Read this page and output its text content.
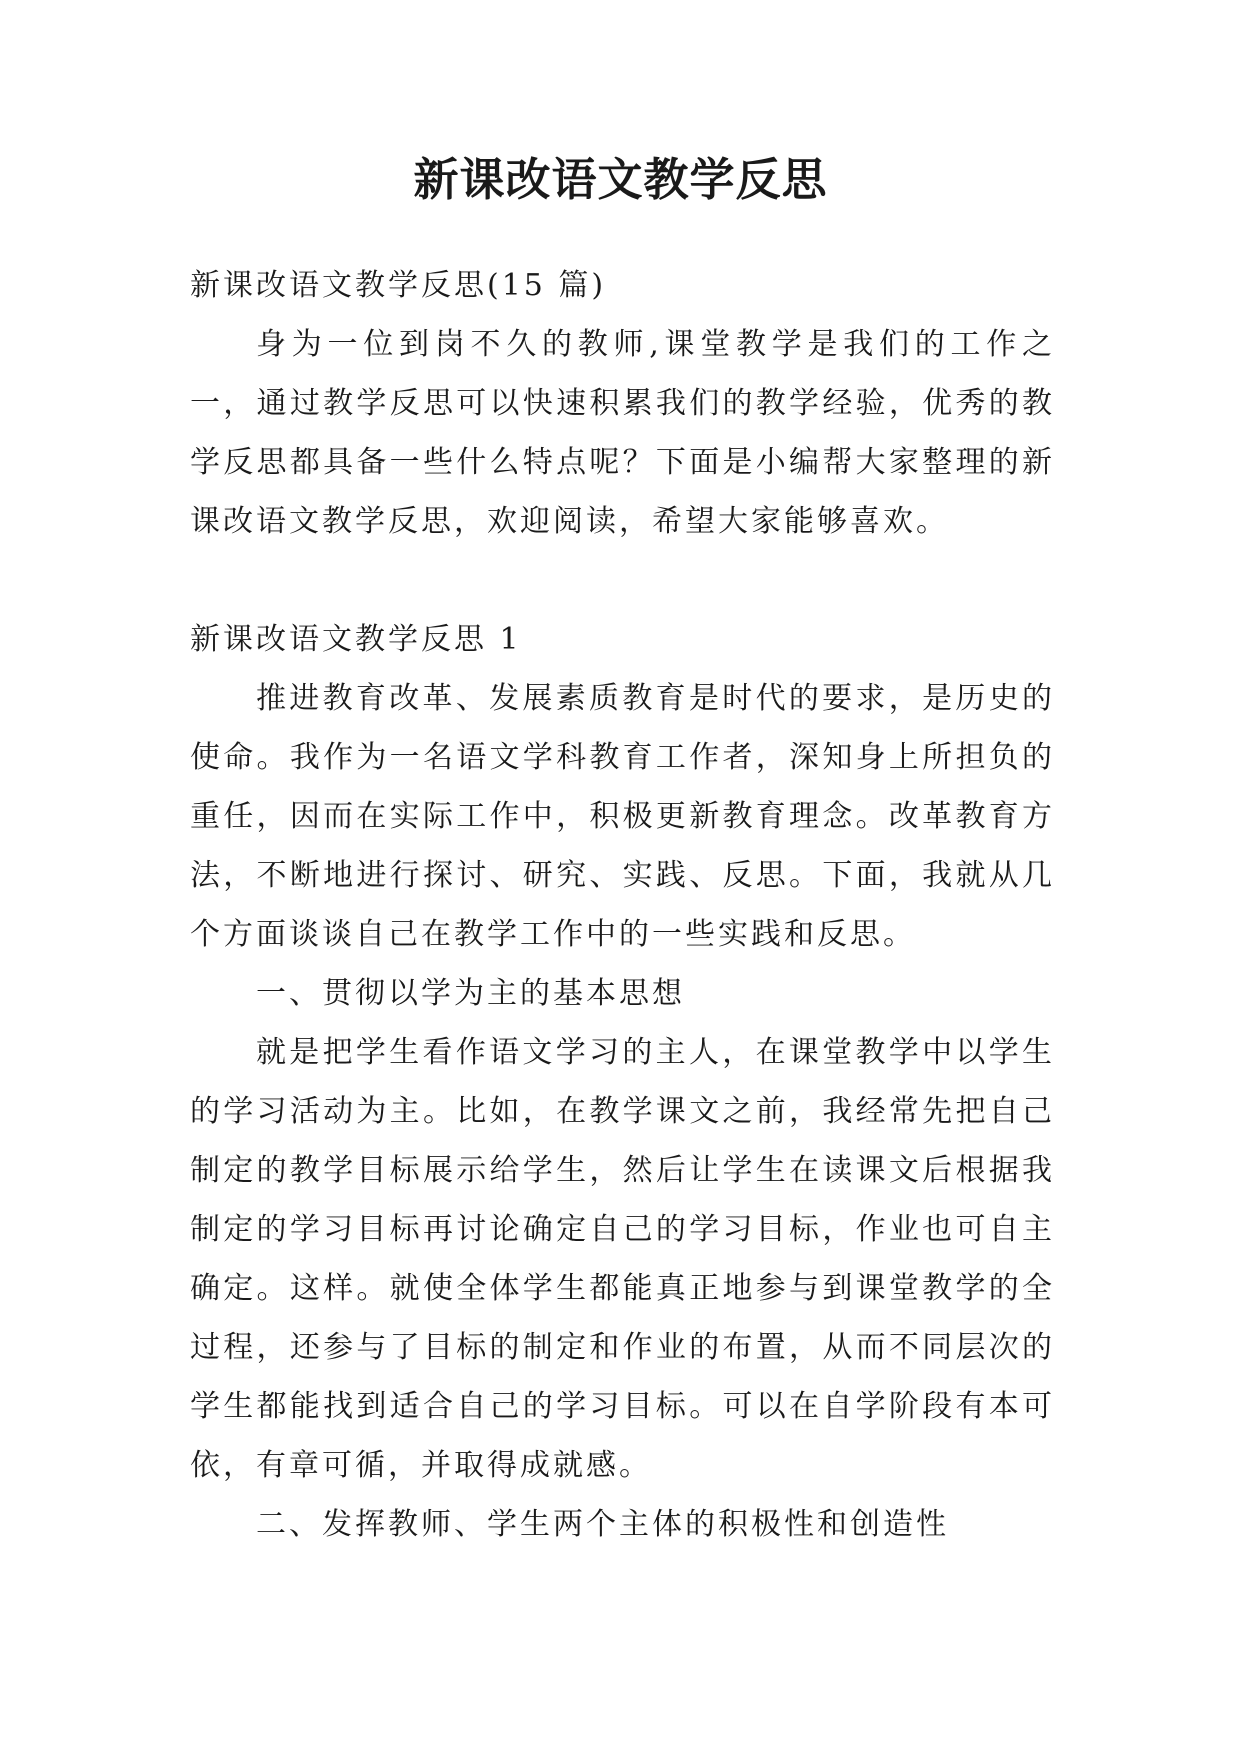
新课改语文教学反思

新课改语文教学反思(15 篇)

身为一位到岗不久的教师,课堂教学是我们的工作之一，通过教学反思可以快速积累我们的教学经验，优秀的教学反思都具备一些什么特点呢？下面是小编帮大家整理的新课改语文教学反思，欢迎阅读，希望大家能够喜欢。

新课改语文教学反思 1

推进教育改革、发展素质教育是时代的要求，是历史的使命。我作为一名语文学科教育工作者，深知身上所担负的重任，因而在实际工作中，积极更新教育理念。改革教育方法，不断地进行探讨、研究、实践、反思。下面，我就从几个方面谈谈自己在教学工作中的一些实践和反思。

一、贯彻以学为主的基本思想

就是把学生看作语文学习的主人，在课堂教学中以学生的学习活动为主。比如，在教学课文之前，我经常先把自己制定的教学目标展示给学生，然后让学生在读课文后根据我制定的学习目标再讨论确定自己的学习目标，作业也可自主确定。这样。就使全体学生都能真正地参与到课堂教学的全过程，还参与了目标的制定和作业的布置，从而不同层次的学生都能找到适合自己的学习目标。可以在自学阶段有本可依，有章可循，并取得成就感。

二、发挥教师、学生两个主体的积极性和创造性
